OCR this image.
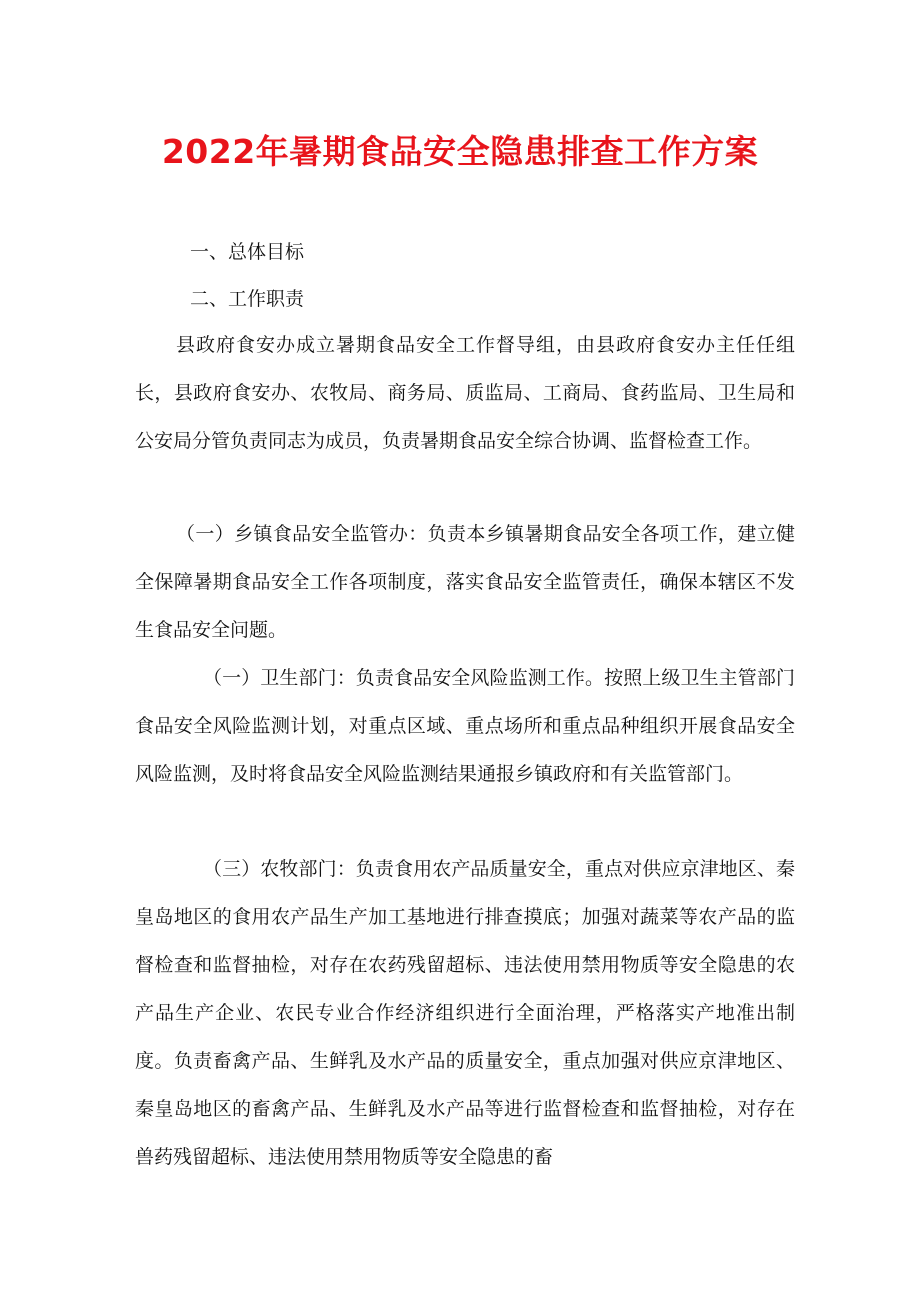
2022年暑期食品安全隐患排查工作方案

一、总体目标

二、工作职责

县政府食安办成立暑期食品安全工作督导组，由县政府食安办主任任组长，县政府食安办、农牧局、商务局、质监局、工商局、食药监局、卫生局和公安局分管负责同志为成员，负责暑期食品安全综合协调、监督检查工作。

（一）乡镇食品安全监管办：负责本乡镇暑期食品安全各项工作，建立健全保障暑期食品安全工作各项制度，落实食品安全监管责任，确保本辖区不发生食品安全问题。

（一）卫生部门：负责食品安全风险监测工作。按照上级卫生主管部门食品安全风险监测计划，对重点区域、重点场所和重点品种组织开展食品安全风险监测，及时将食品安全风险监测结果通报乡镇政府和有关监管部门。

（三）农牧部门：负责食用农产品质量安全，重点对供应京津地区、秦皇岛地区的食用农产品生产加工基地进行排查摸底；加强对蔬菜等农产品的监督检查和监督抽检，对存在农药残留超标、违法使用禁用物质等安全隐患的农产品生产企业、农民专业合作经济组织进行全面治理，严格落实产地准出制度。负责畜禽产品、生鲜乳及水产品的质量安全，重点加强对供应京津地区、秦皇岛地区的畜禽产品、生鲜乳及水产品等进行监督检查和监督抽检，对存在兽药残留超标、违法使用禁用物质等安全隐患的畜
